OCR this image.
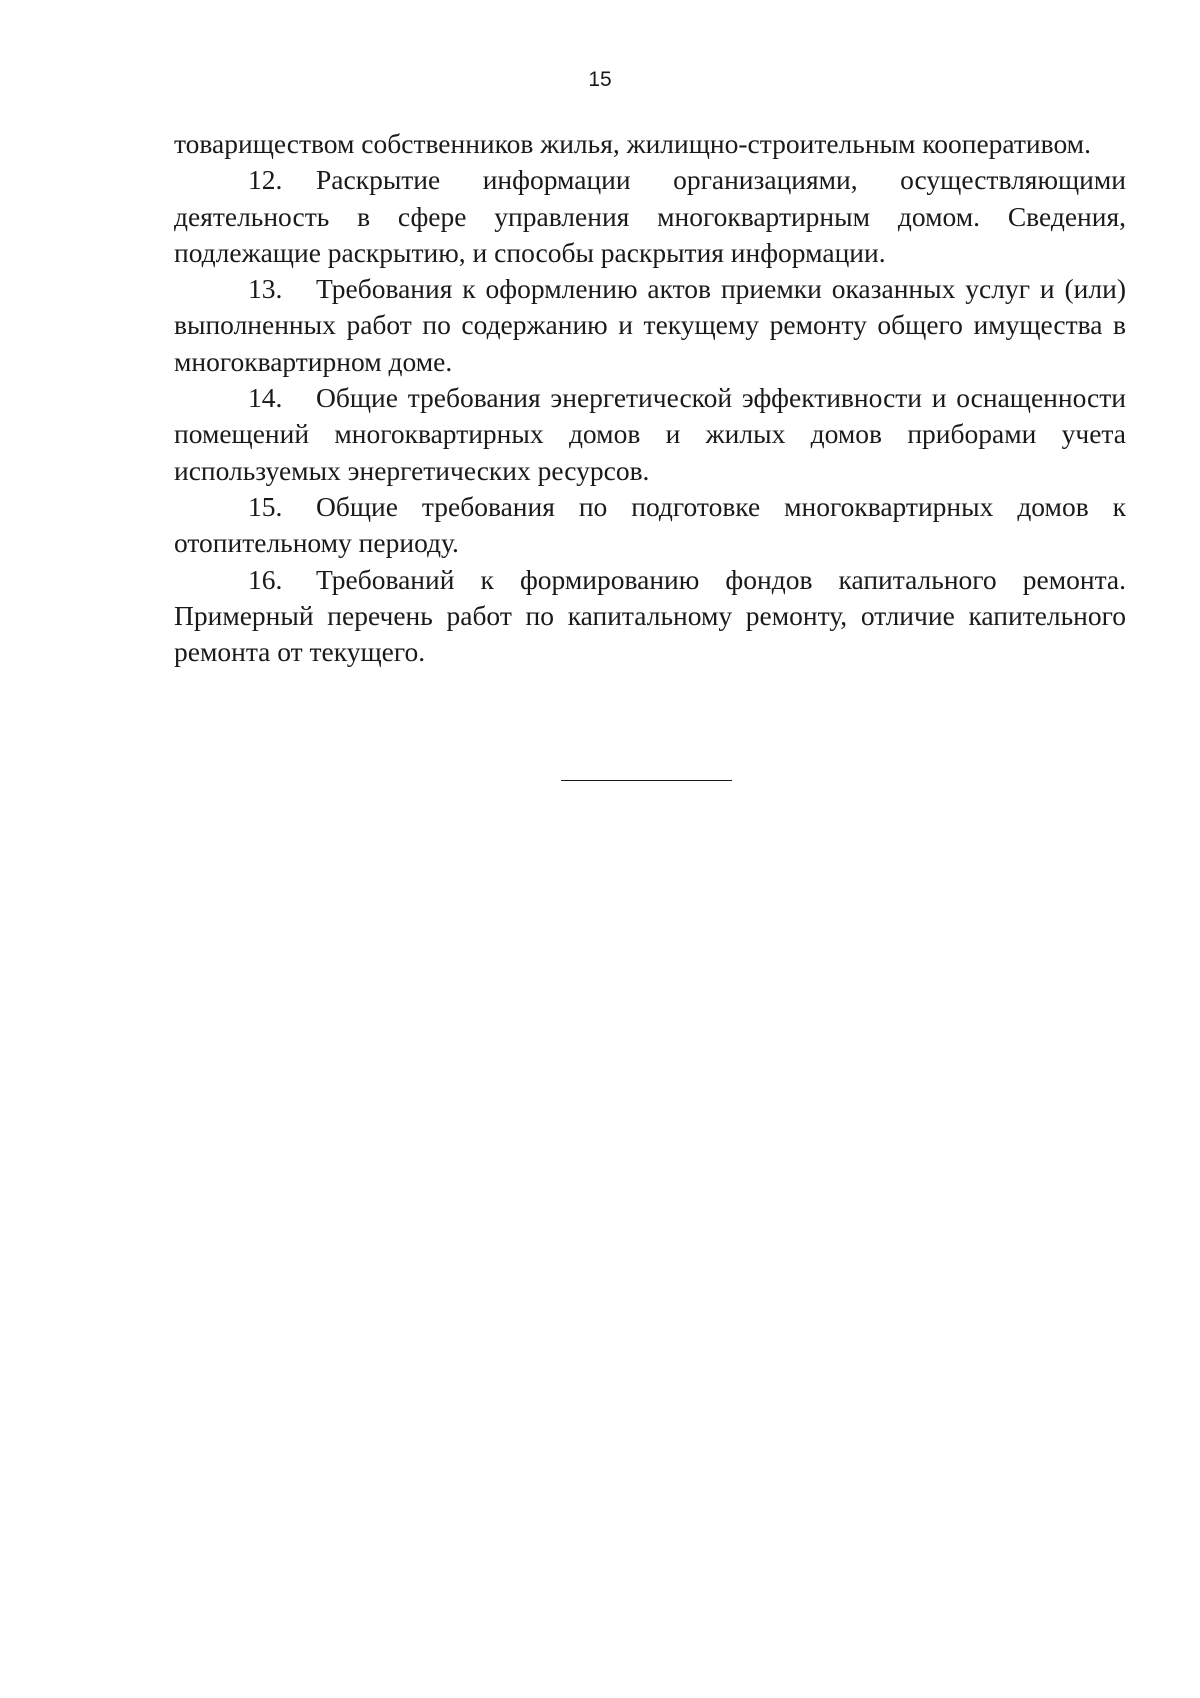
15

товариществом собственников жилья, жилищно-строительным кооперативом.

12. Раскрытие информации организациями, осуществляющими деятельность в сфере управления многоквартирным домом. Сведения, подлежащие раскрытию, и способы раскрытия информации.

13. Требования к оформлению актов приемки оказанных услуг и (или) выполненных работ по содержанию и текущему ремонту общего имущества в многоквартирном доме.

14. Общие требования энергетической эффективности и оснащенности помещений многоквартирных домов и жилых домов приборами учета используемых энергетических ресурсов.

15. Общие требования по подготовке многоквартирных домов к отопительному периоду.

16. Требований к формированию фондов капитального ремонта. Примерный перечень работ по капитальному ремонту, отличие капительного ремонта от текущего.
